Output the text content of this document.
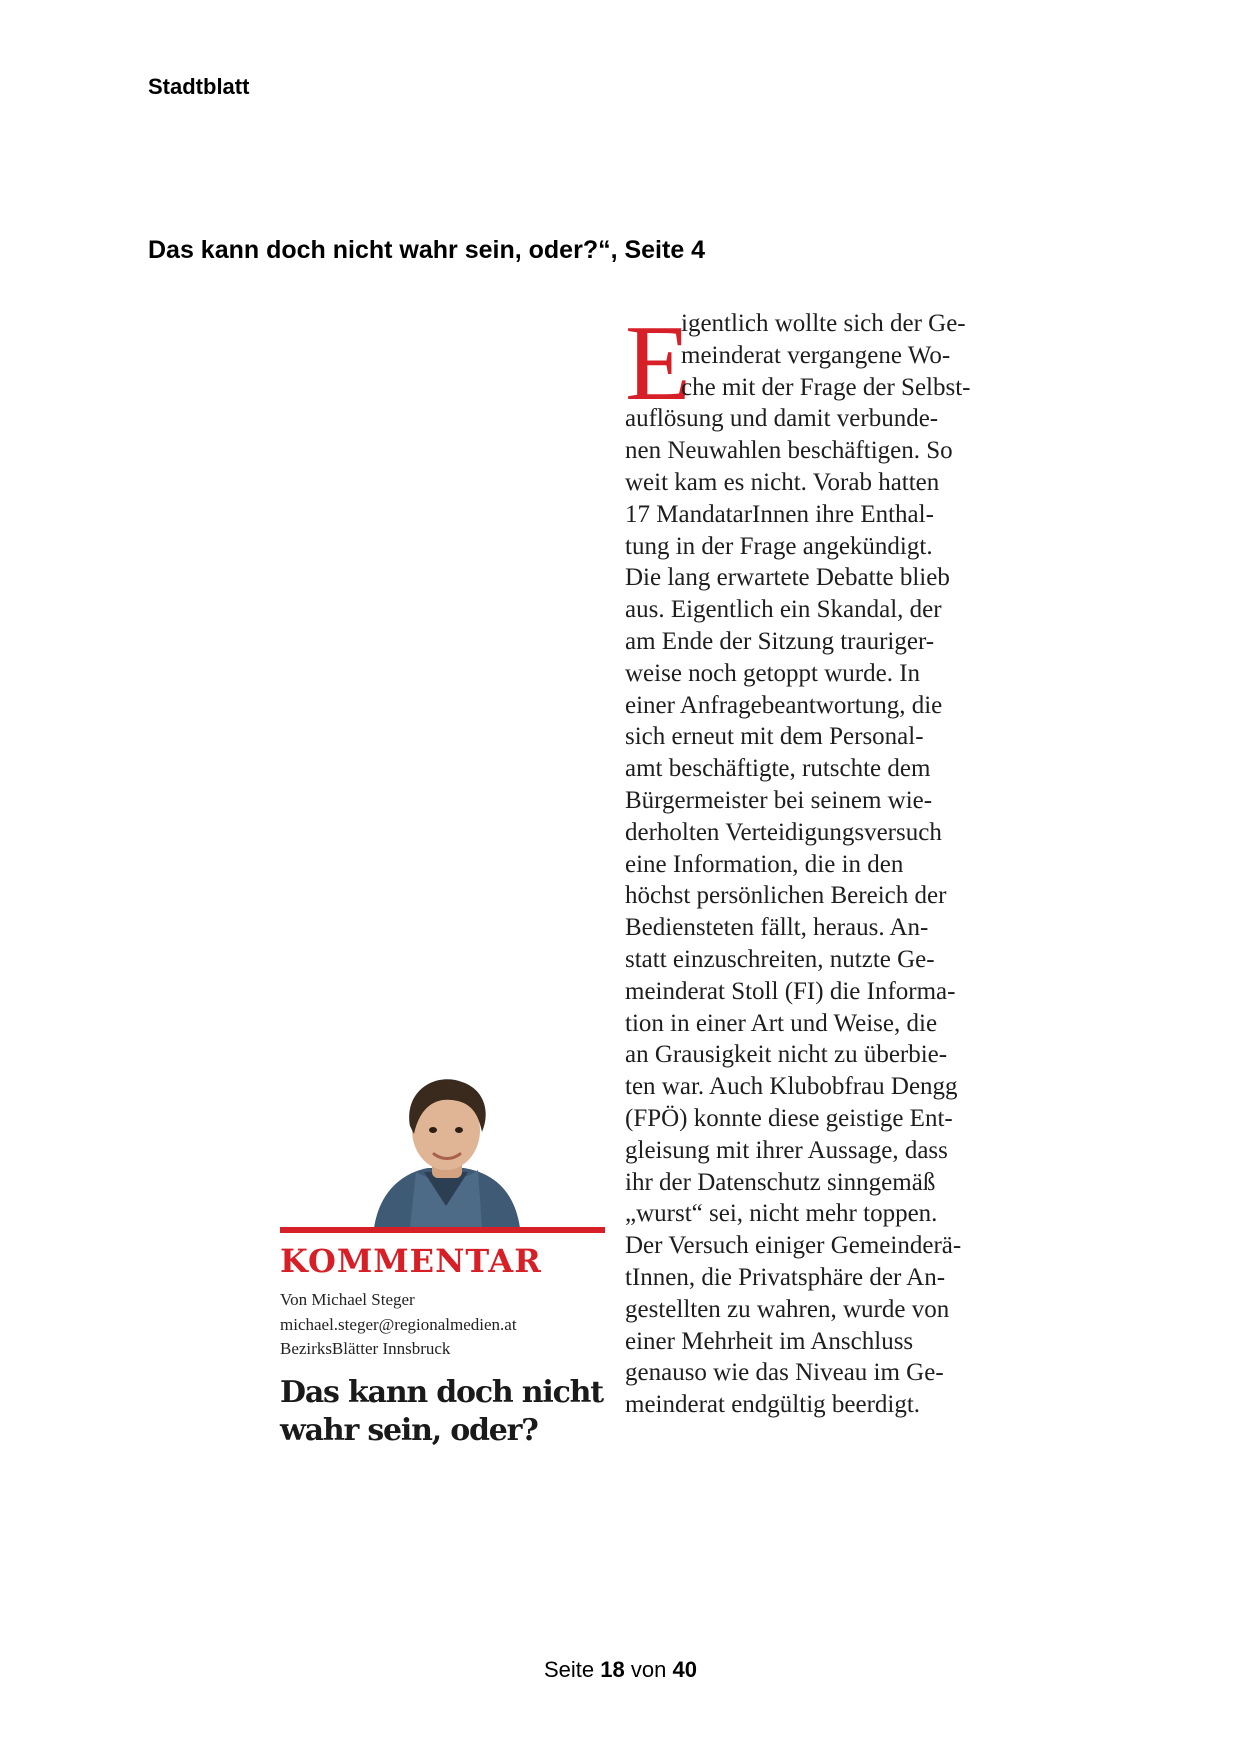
Stadtblatt
Das kann doch nicht wahr sein, oder?“, Seite 4
KOMMENTAR
Von Michael Steger
michael.steger@regionalmedien.at
BezirksBlätter Innsbruck
Das kann doch nicht
wahr sein, oder?
E
igentlich wollte sich der Ge-
meinderat vergangene Wo-
che mit der Frage der Selbst-
auflösung und damit verbunde-
nen Neuwahlen beschäftigen. So
weit kam es nicht. Vorab hatten
17 MandatarInnen ihre Enthal-
tung in der Frage angekündigt.
Die lang erwartete Debatte blieb
aus. Eigentlich ein Skandal, der
am Ende der Sitzung trauriger-
weise noch getoppt wurde. In
einer Anfragebeantwortung, die
sich erneut mit dem Personal-
amt beschäftigte, rutschte dem
Bürgermeister bei seinem wie-
derholten Verteidigungsversuch
eine Information, die in den
höchst persönlichen Bereich der
Bediensteten fällt, heraus. An-
statt einzuschreiten, nutzte Ge-
meinderat Stoll (FI) die Informa-
tion in einer Art und Weise, die
an Grausigkeit nicht zu überbie-
ten war. Auch Klubobfrau Dengg
(FPÖ) konnte diese geistige Ent-
gleisung mit ihrer Aussage, dass
ihr der Datenschutz sinngemäß
„wurst“ sei, nicht mehr toppen.
Der Versuch einiger Gemeinderä-
tInnen, die Privatsphäre der An-
gestellten zu wahren, wurde von
einer Mehrheit im Anschluss
genauso wie das Niveau im Ge-
meinderat endgültig beerdigt.
Seite 18 von 40
